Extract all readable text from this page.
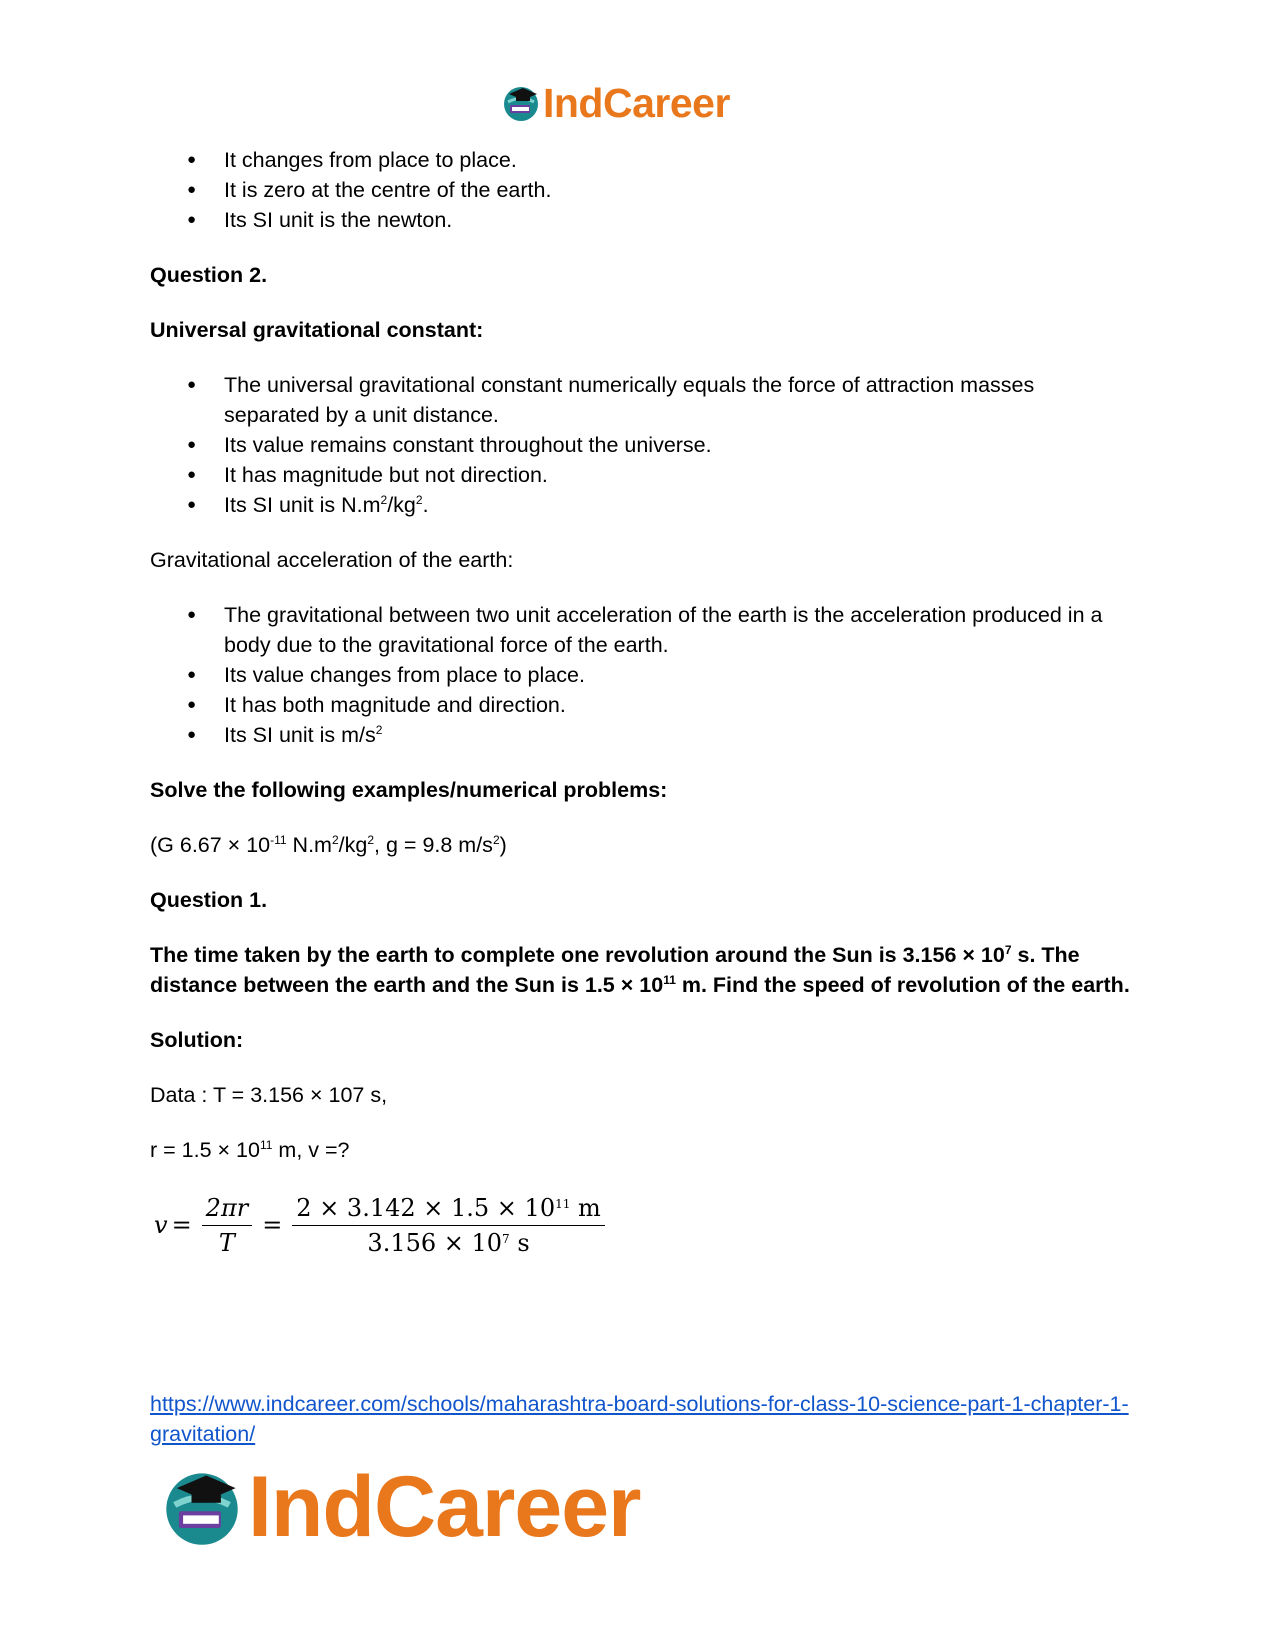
IndCareer
● It changes from place to place.
● It is zero at the centre of the earth.
● Its SI unit is the newton.

Question 2.

Universal gravitational constant:

● The universal gravitational constant numerically equals the force of attraction masses separated by a unit distance.
● Its value remains constant throughout the universe.
● It has magnitude but not direction.
● Its SI unit is $N.m^2/kg^2$.

Gravitational acceleration of the earth:

● The gravitational between two unit acceleration of the earth is the acceleration produced in a body due to the gravitational force of the earth.
● Its value changes from place to place.
● It has both magnitude and direction.
● Its SI unit is $m/s^2$

Solve the following examples/numerical problems:

(G $6.67 \times 10^{-11}$ $N.m^2/kg^2$, g = 9.8 $m/s^2$)

Question 1.

The time taken by the earth to complete one revolution around the Sun is $3.156 \times 10^7$ s. The distance between the earth and the Sun is $1.5 \times 10^{11}$ m. Find the speed of revolution of the earth.

Solution:

Data : T = 3.156 × 107 s,

$r = 1.5 \times 10^{11}$ m, v =?

$v = \frac{2\pi r}{T} = \frac{2 \times 3.142 \times 1.5 \times 10^{11} m}{3.156 \times 10^7 s}$
https://www.indcareer.com/schools/maharashtra-board-solutions-for-class-10-science-part-1-chapter-1-gravitation/
IndCareer
